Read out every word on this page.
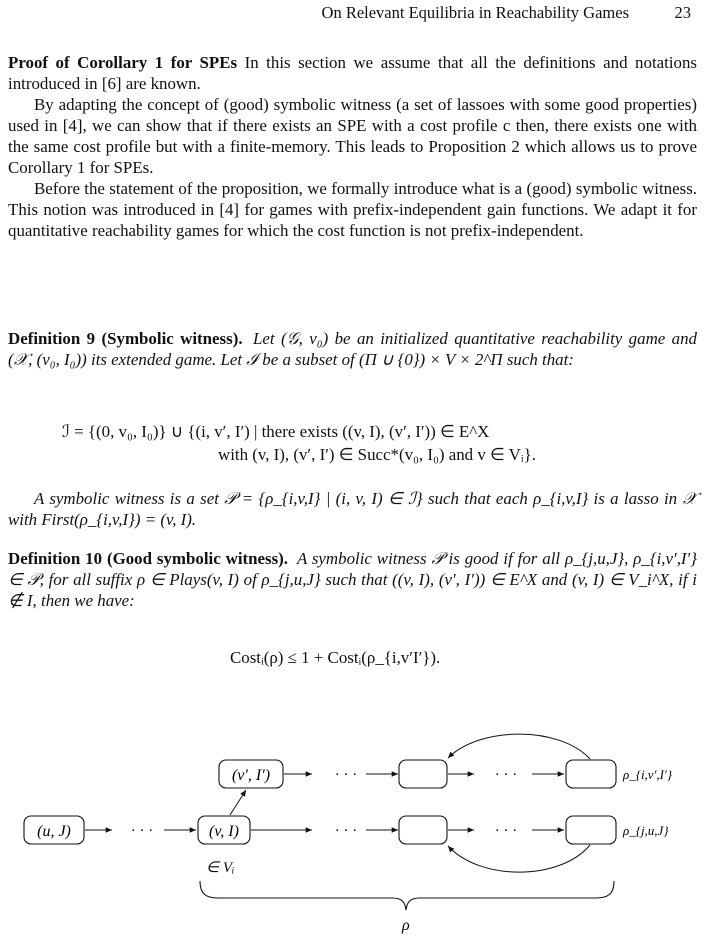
On Relevant Equilibria in Reachability Games	23

Proof of Corollary 1 for SPEs In this section we assume that all the definitions and notations introduced in [6] are known.

By adapting the concept of (good) symbolic witness (a set of lassoes with some good properties) used in [4], we can show that if there exists an SPE with a cost profile c then, there exists one with the same cost profile but with a finite-memory. This leads to Proposition 2 which allows us to prove Corollary 1 for SPEs.

Before the statement of the proposition, we formally introduce what is a (good) symbolic witness. This notion was introduced in [4] for games with prefix-independent gain functions. We adapt it for quantitative reachability games for which the cost function is not prefix-independent.

Definition 9 (Symbolic witness). Let (𝒢, v₀) be an initialized quantitative reachability game and (𝒳, (v₀, I₀)) its extended game. Let ℐ be a subset of (Π ∪ {0}) × V × 2^Π such that:

ℐ = {(0, v₀, I₀)} ∪ {(i, v′, I′) | there exists ((v, I), (v′, I′)) ∈ E^X
with (v, I), (v′, I′) ∈ Succ*(v₀, I₀) and v ∈ Vᵢ}.

A symbolic witness is a set 𝒫 = {ρ_{i,v,I} | (i, v, I) ∈ ℐ} such that each ρ_{i,v,I} is a lasso in 𝒳 with First(ρ_{i,v,I}) = (v, I).

Definition 10 (Good symbolic witness). A symbolic witness 𝒫 is good if for all ρ_{j,u,J}, ρ_{i,v′,I′} ∈ 𝒫, for all suffix ρ ∈ Plays(v, I) of ρ_{j,u,J} such that ((v, I), (v′, I′)) ∈ E^X and (v, I) ∈ V_i^X, if i ∉ I, then we have:

Costᵢ(ρ) ≤ 1 + Costᵢ(ρ_{i,v′I′}).
(v′, I′)	· · ·	· · ·	ρ_{i,v′,I′}
(u, J)	· · ·	(v, I)	· · ·	· · ·	ρ_{j,u,J}
∈ Vᵢ
ρ
